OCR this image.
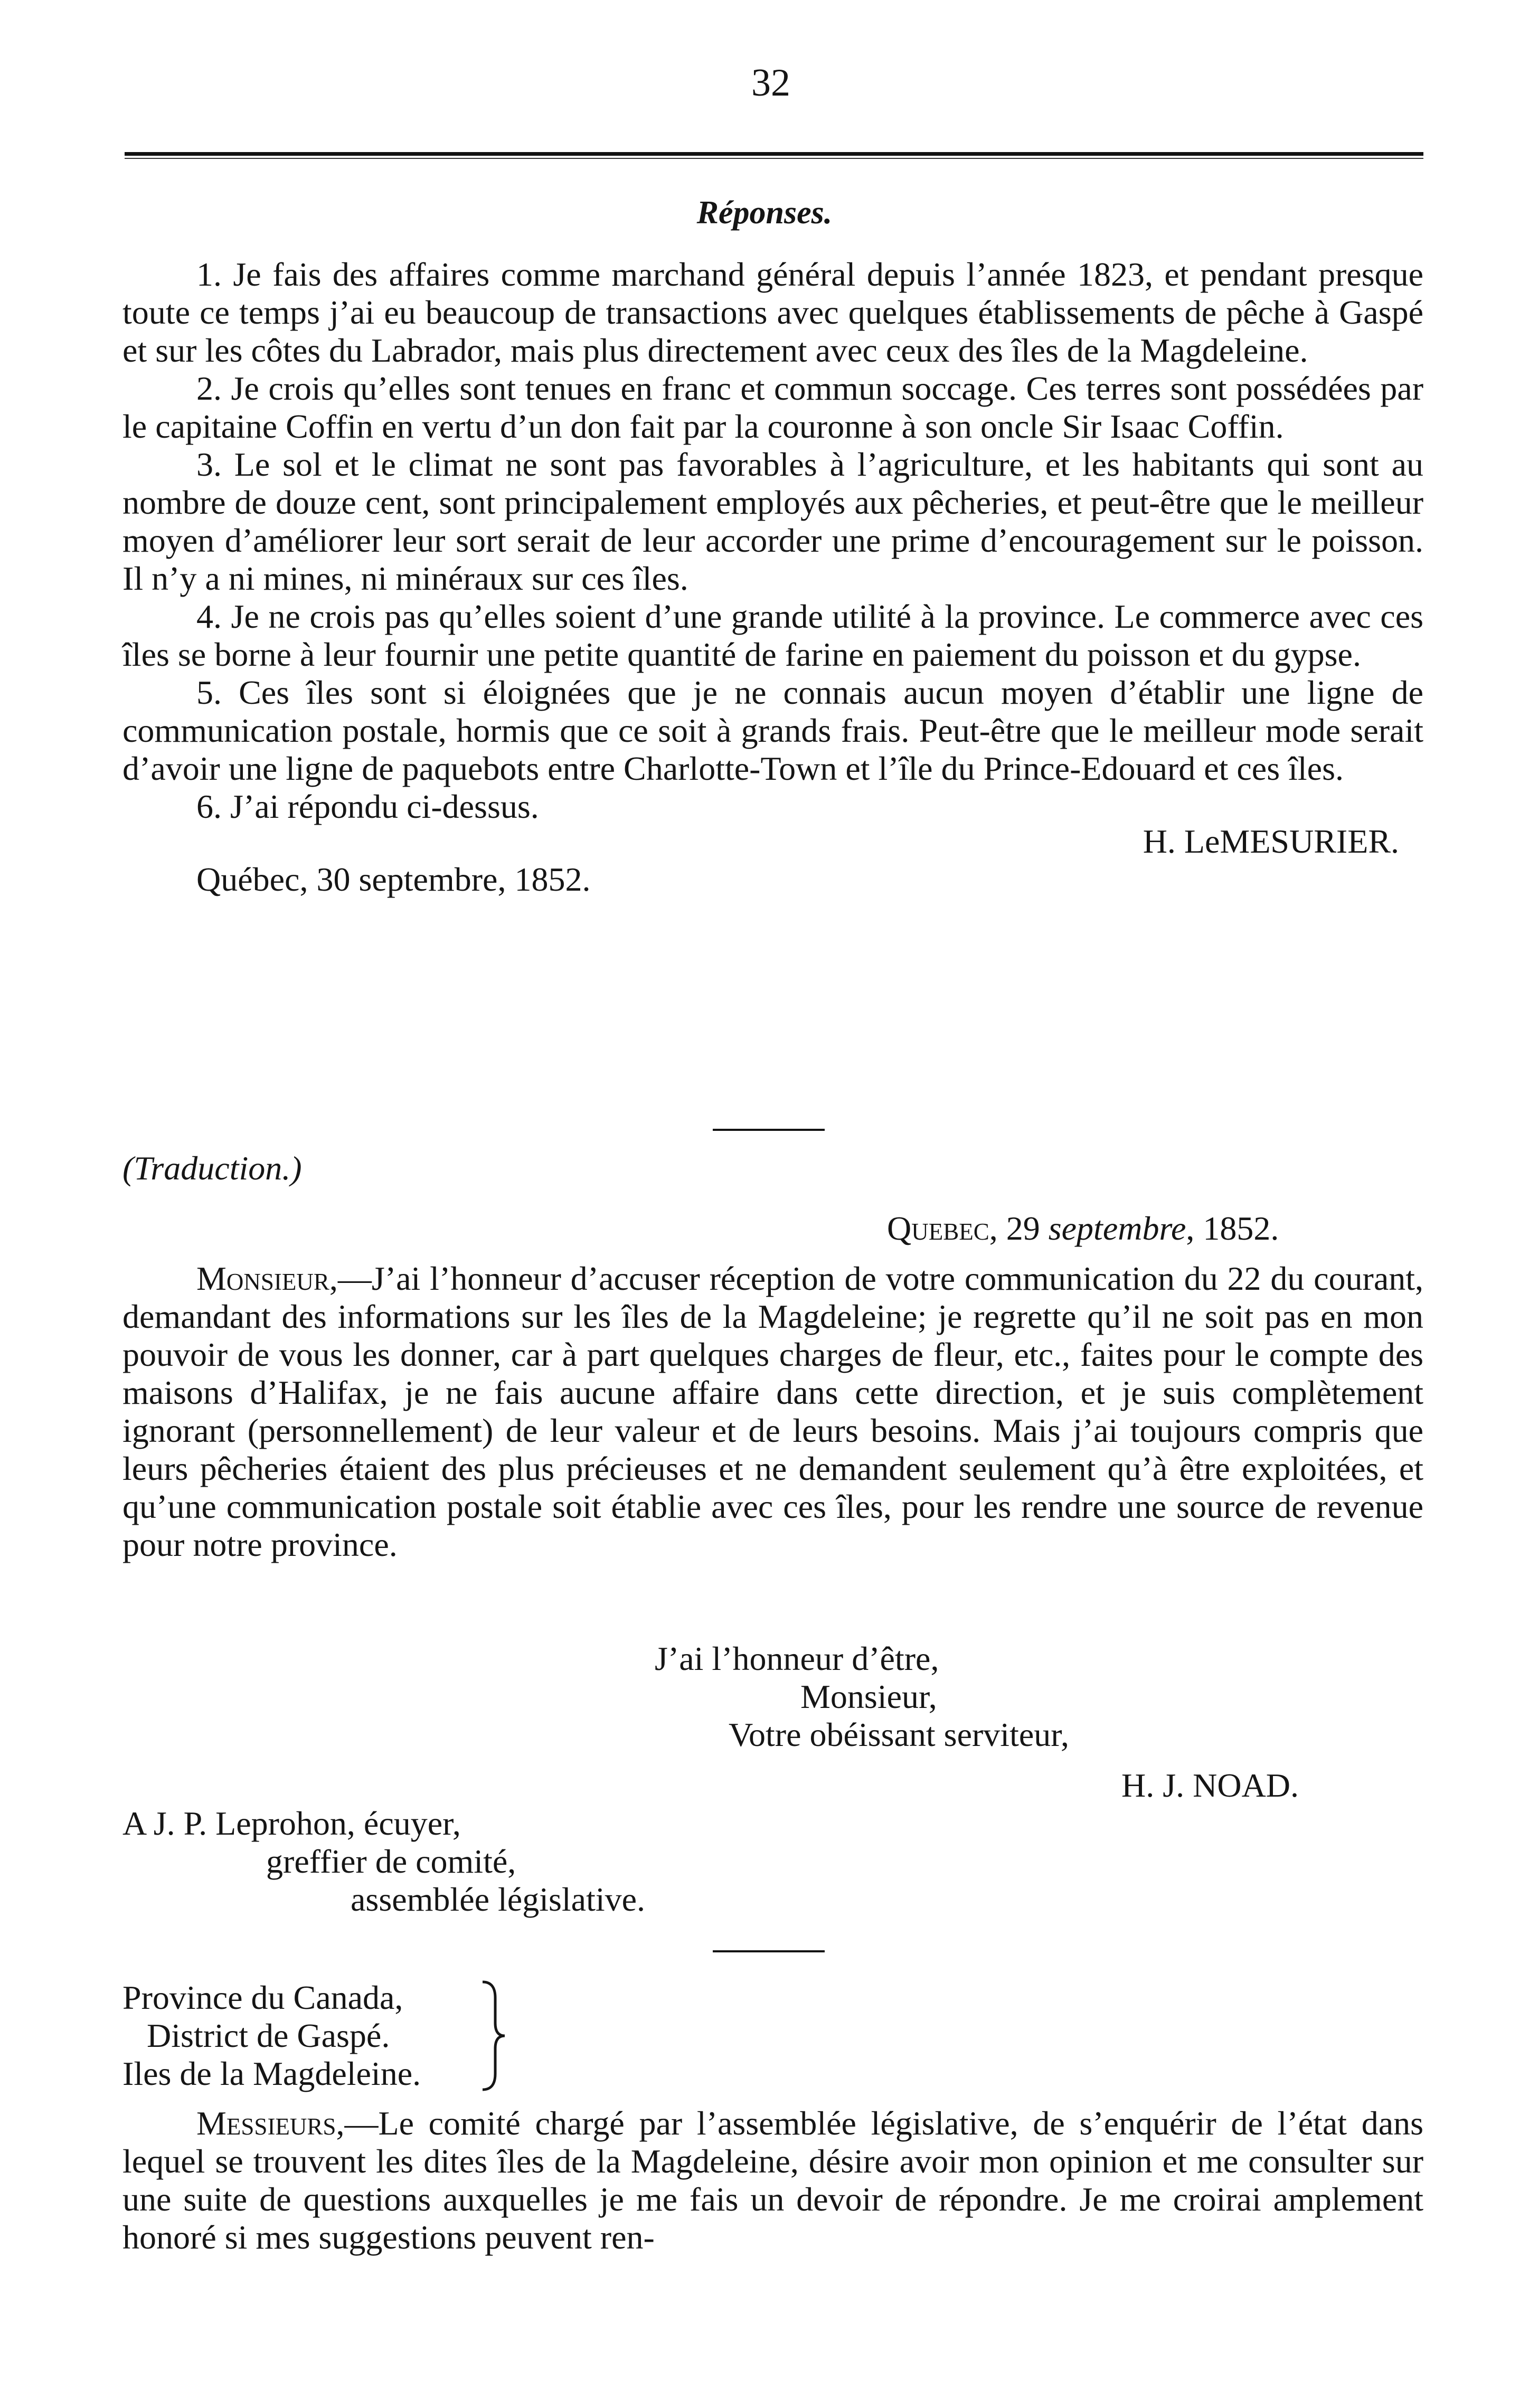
32
Réponses.

1. Je fais des affaires comme marchand général depuis l’année 1823, et pendant presque toute ce temps j’ai eu beaucoup de transactions avec quelques établissements de pêche à Gaspé et sur les côtes du Labrador, mais plus directement avec ceux des îles de la Magdeleine.

2. Je crois qu’elles sont tenues en franc et commun soccage. Ces terres sont possédées par le capitaine Coffin en vertu d’un don fait par la couronne à son oncle Sir Isaac Coffin.

3. Le sol et le climat ne sont pas favorables à l’agriculture, et les habitants qui sont au nombre de douze cent, sont principalement employés aux pêcheries, et peut-être que le meilleur moyen d’améliorer leur sort serait de leur accorder une prime d’encouragement sur le poisson. Il n’y a ni mines, ni minéraux sur ces îles.

4. Je ne crois pas qu’elles soient d’une grande utilité à la province. Le commerce avec ces îles se borne à leur fournir une petite quantité de farine en paiement du poisson et du gypse.

5. Ces îles sont si éloignées que je ne connais aucun moyen d’établir une ligne de communication postale, hormis que ce soit à grands frais. Peut-être que le meilleur mode serait d’avoir une ligne de paquebots entre Charlotte-Town et l’île du Prince-Edouard et ces îles.

6. J’ai répondu ci-dessus.

H. LeMESURIER.

Québec, 30 septembre, 1852.

(Traduction.)
Quebec, 29 septembre, 1852.

Monsieur,—J’ai l’honneur d’accuser réception de votre communication du 22 du courant, demandant des informations sur les îles de la Magdeleine; je regrette qu’il ne soit pas en mon pouvoir de vous les donner, car à part quelques charges de fleur, etc., faites pour le compte des maisons d’Halifax, je ne fais aucune affaire dans cette direction, et je suis complètement ignorant (personnellement) de leur valeur et de leurs besoins. Mais j’ai toujours compris que leurs pêcheries étaient des plus précieuses et ne demandent seulement qu’à être exploitées, et qu’une communication postale soit établie avec ces îles, pour les rendre une source de revenue pour notre province.

J’ai l’honneur d’être,
Monsieur,
Votre obéissant serviteur,
H. J. NOAD.
A J. P. Leprohon, écuyer,
greffier de comité,
assemblée législative.
Province du Canada,
District de Gaspé.
Iles de la Magdeleine.

Messieurs,—Le comité chargé par l’assemblée législative, de s’enquérir de l’état dans lequel se trouvent les dites îles de la Magdeleine, désire avoir mon opinion et me consulter sur une suite de questions auxquelles je me fais un devoir de répondre. Je me croirai amplement honoré si mes suggestions peuvent ren-
